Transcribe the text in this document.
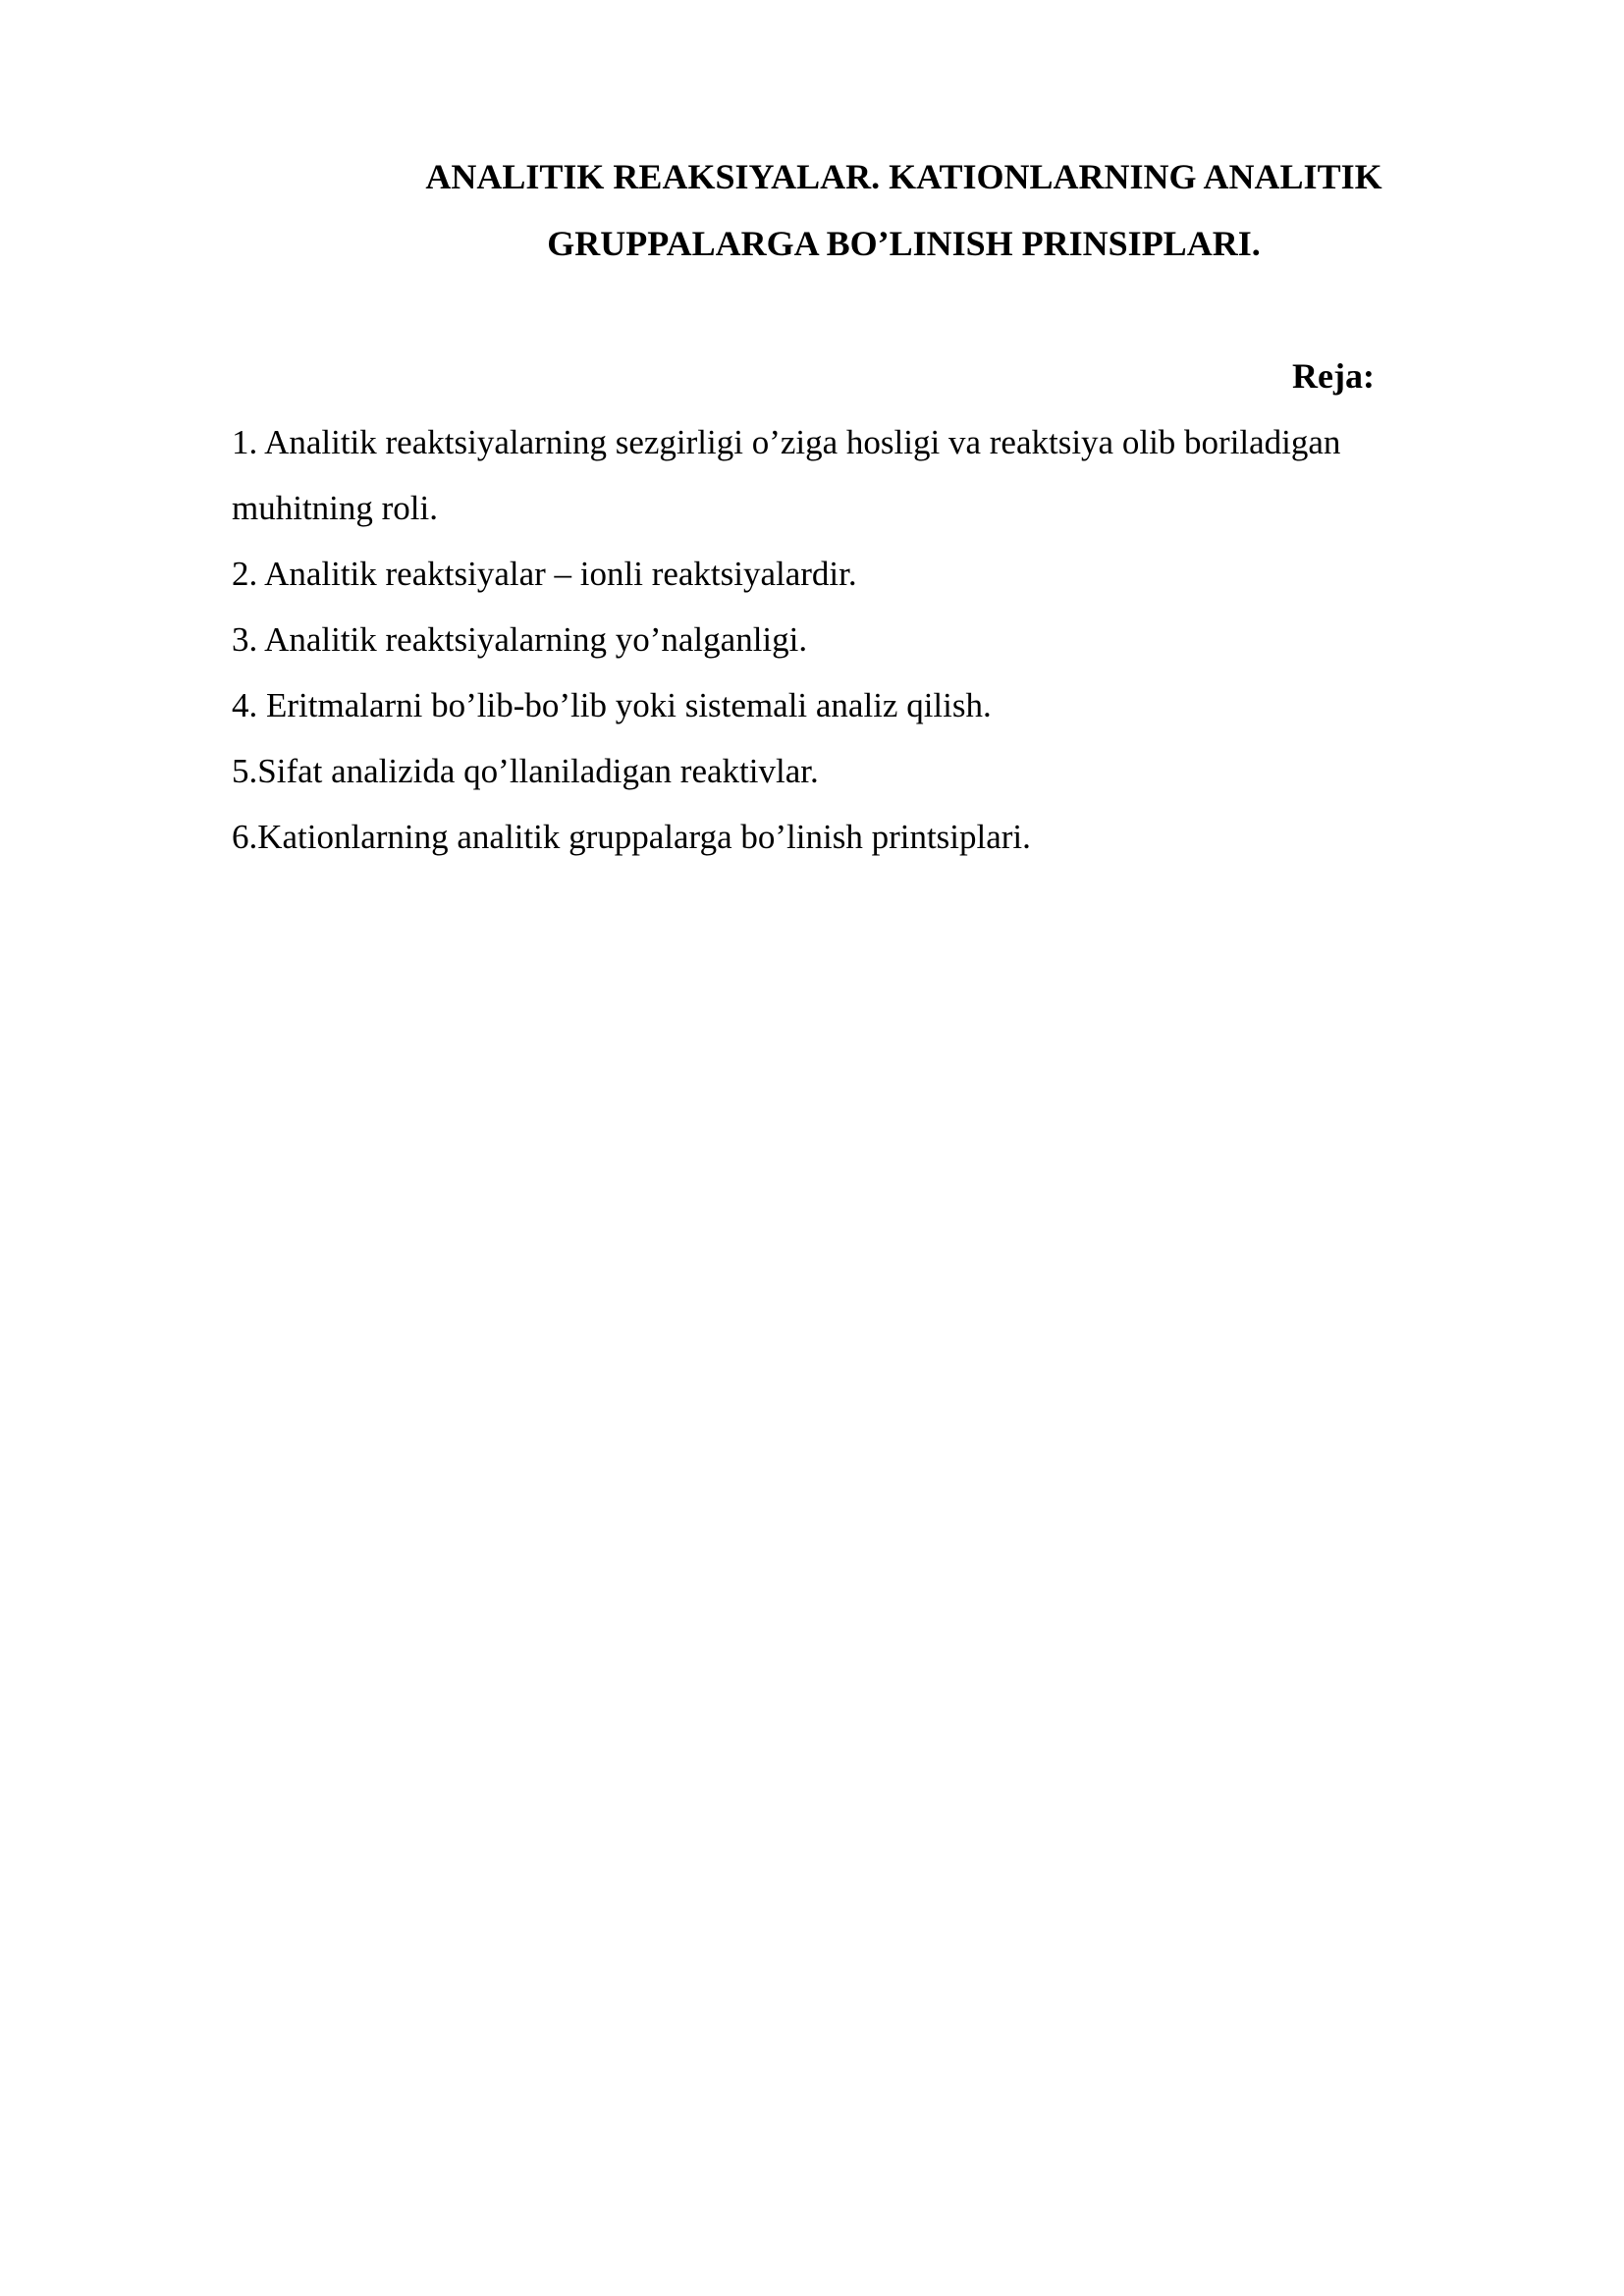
ANALITIK REAKSIYALAR. KATIONLARNING ANALITIK
GRUPPALARGA BO’LINISH PRINSIPLARI.
Reja:
1. Analitik reaktsiyalarning sezgirligi o’ziga hosligi va reaktsiya olib boriladigan muhitning roli.
2. Analitik reaktsiyalar – ionli reaktsiyalardir.
3. Analitik reaktsiyalarning yo’nalganligi.
4. Eritmalarni bo’lib-bo’lib yoki sistemali analiz qilish.
5.Sifat analizida qo’llaniladigan reaktivlar.
6.Kationlarning analitik gruppalarga bo’linish printsiplari.
